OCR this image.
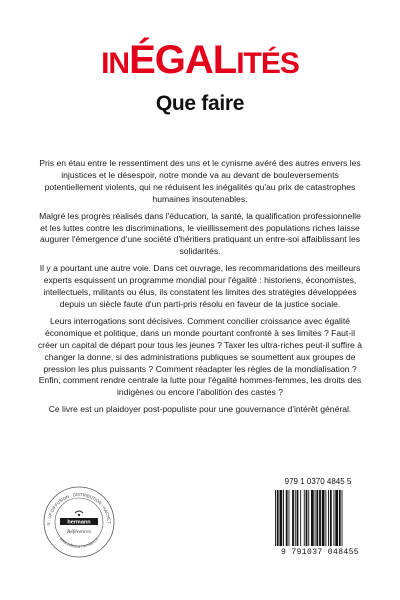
INÉGALITÉS
Que faire

Pris en étau entre le ressentiment des uns et le cynisme avéré des autres envers les injustices et le désespoir, notre monde va au devant de bouleversements potentiellement violents, qui ne réduisent les inégalités qu'au prix de catastrophes humaines insoutenables.

Malgré les progrès réalisés dans l'éducation, la santé, la qualification professionnelle et les luttes contre les discriminations, le vieillissement des populations riches laisse augurer l'émergence d'une société d'héritiers pratiquant un entre-soi affaiblissant les solidarités.

Il y a pourtant une autre voie. Dans cet ouvrage, les recommandations des meilleurs experts esquissent un programme mondial pour l'égalité : historiens, économistes, intellectuels, militants ou élus, ils constatent les limites des stratégies développées depuis un siècle faute d'un parti-pris résolu en faveur de la justice sociale.

Leurs interrogations sont décisives. Comment concilier croissance avec égalité économique et politique, dans un monde pourtant confronté à ses limites ? Faut-il créer un capital de départ pour tous les jeunes ? Taxer les ultra-riches peut-il suffire à changer la donne, si des administrations publiques se soumettent aux groupes de pression les plus puissants ? Comment réadapter les règles de la mondialisation ? Enfin, comment rendre centrale la lutte pour l'égalité hommes-femmes, les droits des indigènes ou encore l'abolition des castes ?

Ce livre est un plaidoyer post-populiste pour une gouvernance d'intérêt général.

N : UP DIFFUSION · DISTRIBUTION : HACHET
www.editions-hermann.fr
hermann
Références
979 1 0370 4845 5
9 791037 048455
